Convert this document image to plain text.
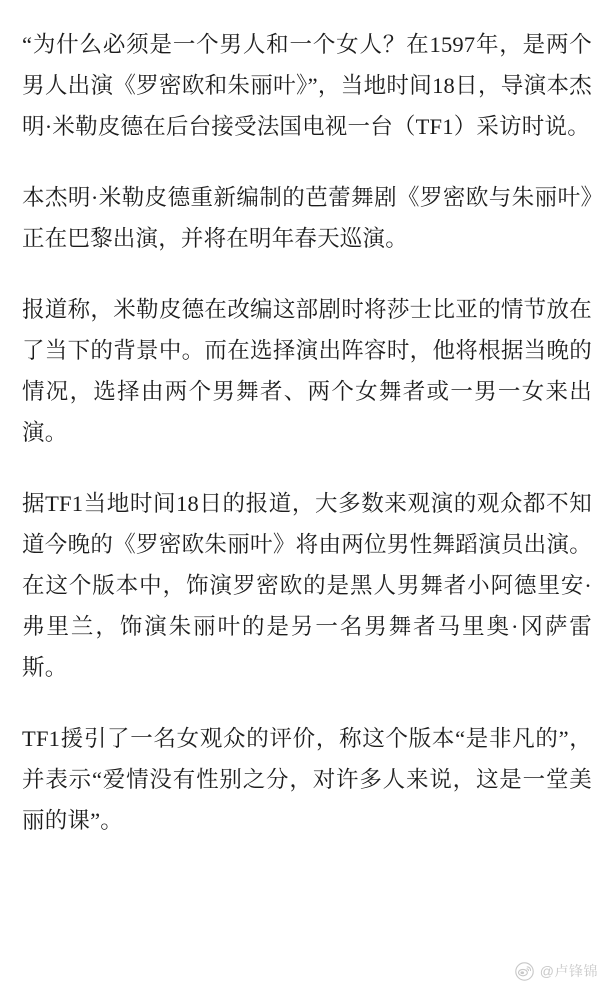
“为什么必须是一个男人和一个女人？在1597年，是两个男人出演《罗密欧和朱丽叶》”，当地时间18日，导演本杰明·米勒皮德在后台接受法国电视一台（TF1）采访时说。

本杰明·米勒皮德重新编制的芭蕾舞剧《罗密欧与朱丽叶》正在巴黎出演，并将在明年春天巡演。

报道称，米勒皮德在改编这部剧时将莎士比亚的情节放在了当下的背景中。而在选择演出阵容时，他将根据当晚的情况，选择由两个男舞者、两个女舞者或一男一女来出演。

据TF1当地时间18日的报道，大多数来观演的观众都不知道今晚的《罗密欧朱丽叶》将由两位男性舞蹈演员出演。在这个版本中，饰演罗密欧的是黑人男舞者小阿德里安·弗里兰，饰演朱丽叶的是另一名男舞者马里奥·冈萨雷斯。

TF1援引了一名女观众的评价，称这个版本“是非凡的”，并表示“爱情没有性别之分，对许多人来说，这是一堂美丽的课”。

@卢锋锦
